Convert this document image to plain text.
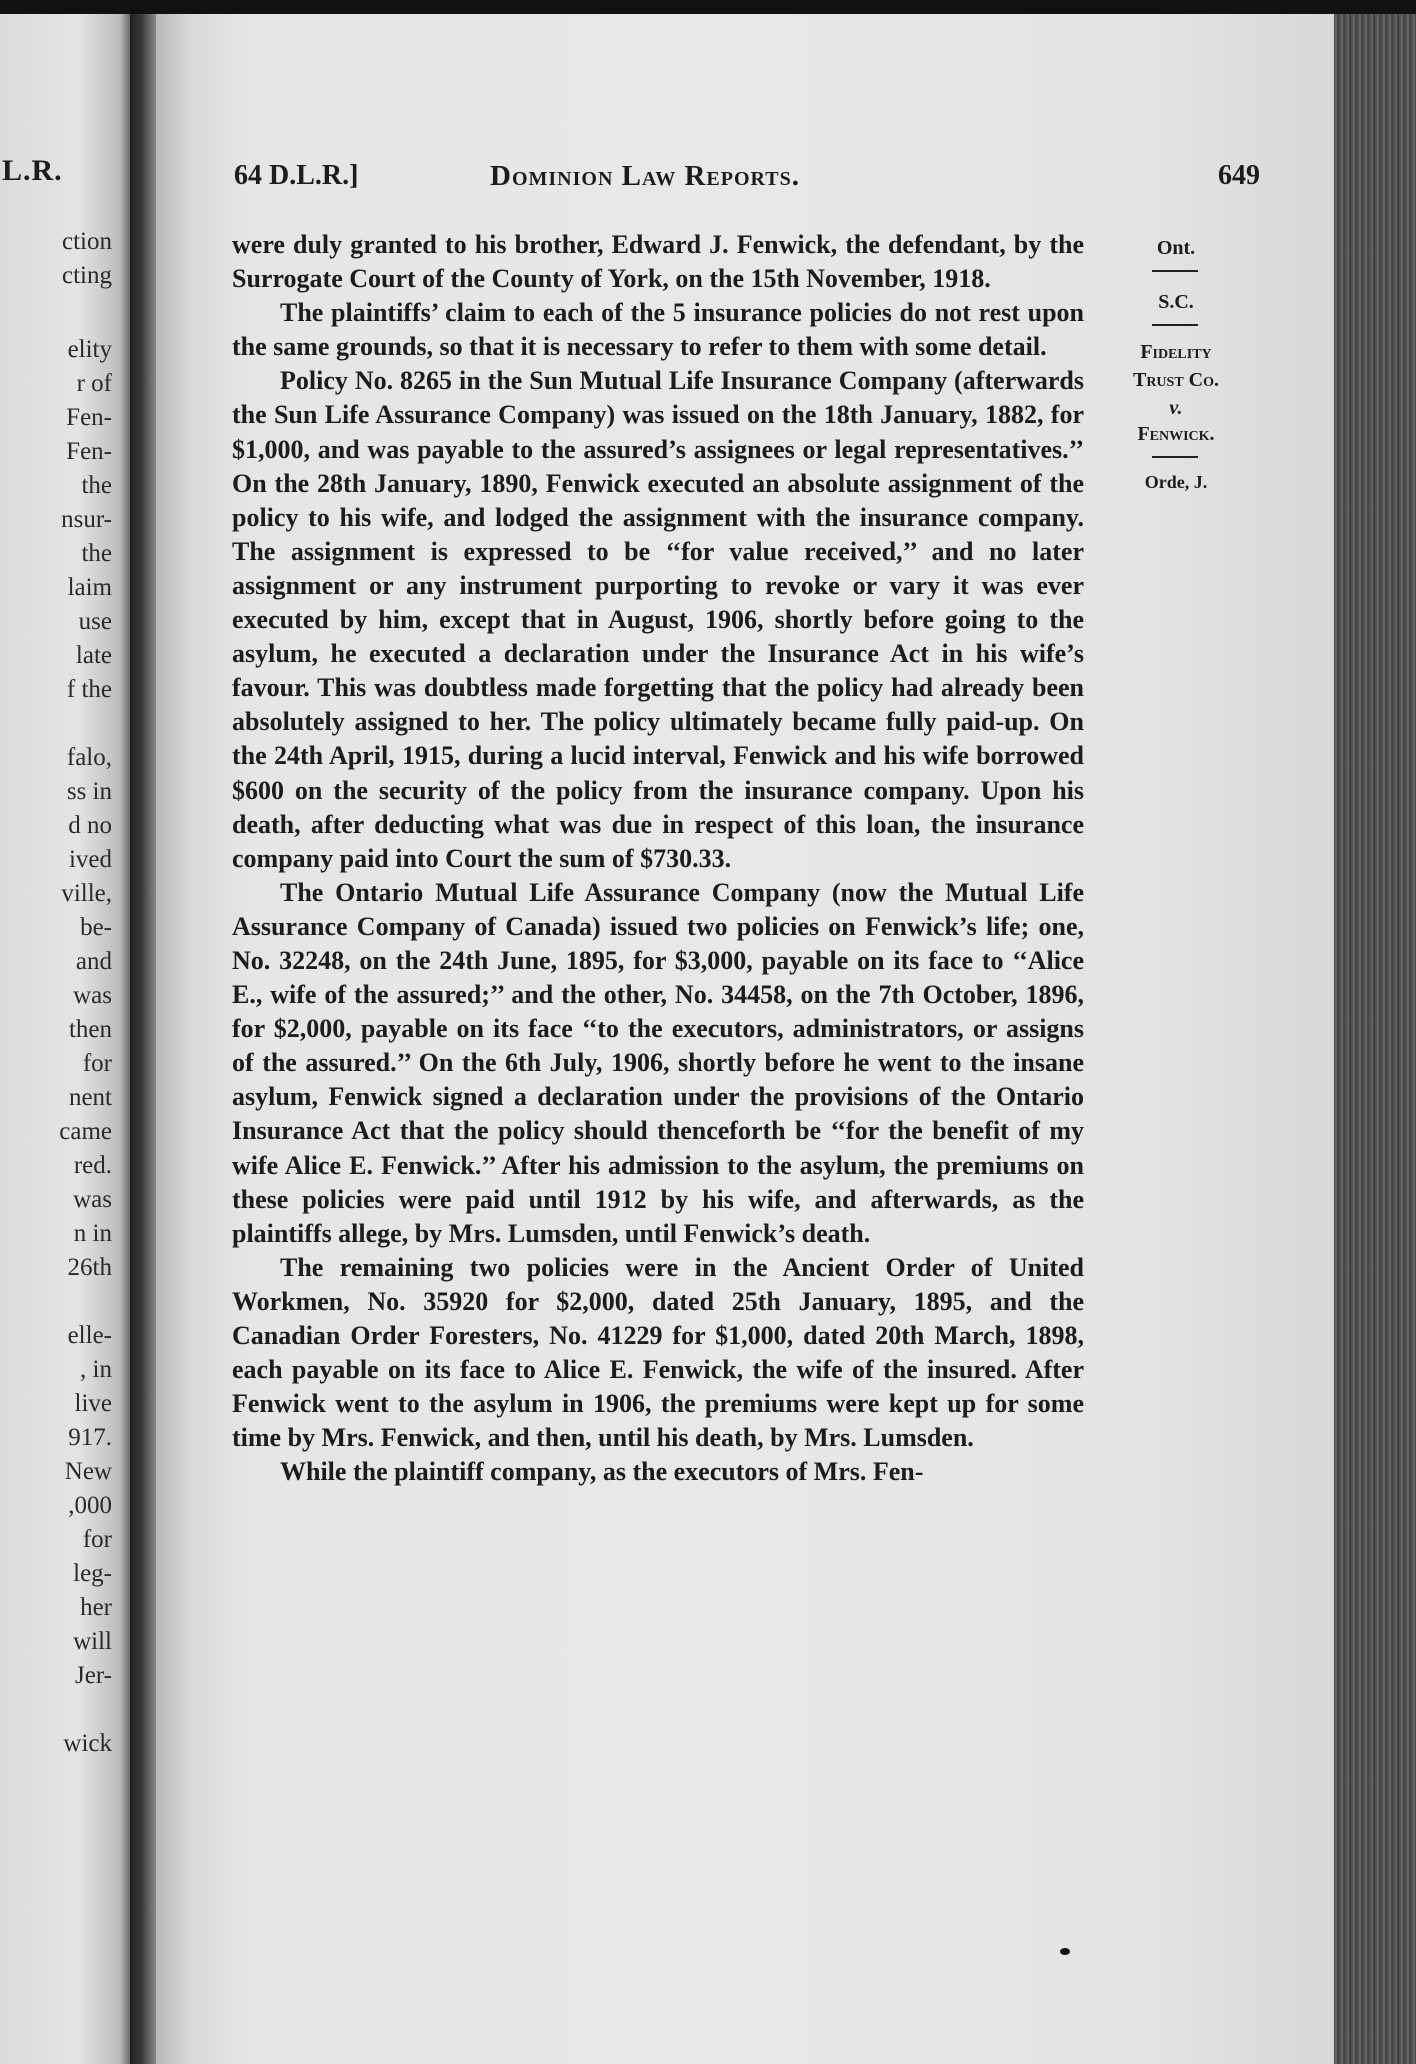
L.R.
ction
cting
elity
r of
Fen-
Fen-
the
nsur-
the
laim
use
late
f the
falo,
ss in
d no
ived
ville,
be-
and
was
then
for
nent
came
red.
was
n in
26th
elle-
, in
live
917.
New
,000
for
leg-
her
will
Jer-
wick
64 D.L.R.]	Dominion Law Reports.	649

were duly granted to his brother, Edward J. Fenwick, the defendant, by the Surrogate Court of the County of York, on the 15th November, 1918.

The plaintiffs’ claim to each of the 5 insurance policies do not rest upon the same grounds, so that it is necessary to refer to them with some detail.

Policy No. 8265 in the Sun Mutual Life Insurance Company (afterwards the Sun Life Assurance Company) was issued on the 18th January, 1882, for $1,000, and was payable to the assured’s assignees or legal representatives.’’ On the 28th January, 1890, Fenwick executed an absolute assignment of the policy to his wife, and lodged the assignment with the insurance company. The assignment is expressed to be ‘‘for value received,’’ and no later assignment or any instrument purporting to revoke or vary it was ever executed by him, except that in August, 1906, shortly before going to the asylum, he executed a declaration under the Insurance Act in his wife’s favour. This was doubtless made forgetting that the policy had already been absolutely assigned to her. The policy ultimately became fully paid-up. On the 24th April, 1915, during a lucid interval, Fenwick and his wife borrowed $600 on the security of the policy from the insurance company. Upon his death, after deducting what was due in respect of this loan, the insurance company paid into Court the sum of $730.33.

The Ontario Mutual Life Assurance Company (now the Mutual Life Assurance Company of Canada) issued two policies on Fenwick’s life; one, No. 32248, on the 24th June, 1895, for $3,000, payable on its face to ‘‘Alice E., wife of the assured;’’ and the other, No. 34458, on the 7th October, 1896, for $2,000, payable on its face ‘‘to the executors, administrators, or assigns of the assured.’’ On the 6th July, 1906, shortly before he went to the insane asylum, Fenwick signed a declaration under the provisions of the Ontario Insurance Act that the policy should thenceforth be ‘‘for the benefit of my wife Alice E. Fenwick.’’ After his admission to the asylum, the premiums on these policies were paid until 1912 by his wife, and afterwards, as the plaintiffs allege, by Mrs. Lumsden, until Fenwick’s death.

The remaining two policies were in the Ancient Order of United Workmen, No. 35920 for $2,000, dated 25th January, 1895, and the Canadian Order Foresters, No. 41229 for $1,000, dated 20th March, 1898, each payable on its face to Alice E. Fenwick, the wife of the insured. After Fenwick went to the asylum in 1906, the premiums were kept up for some time by Mrs. Fenwick, and then, until his death, by Mrs. Lumsden.

While the plaintiff company, as the executors of Mrs. Fen-

Ont.
S.C.
Fidelity
Trust Co.
v.
Fenwick.
Orde, J.
